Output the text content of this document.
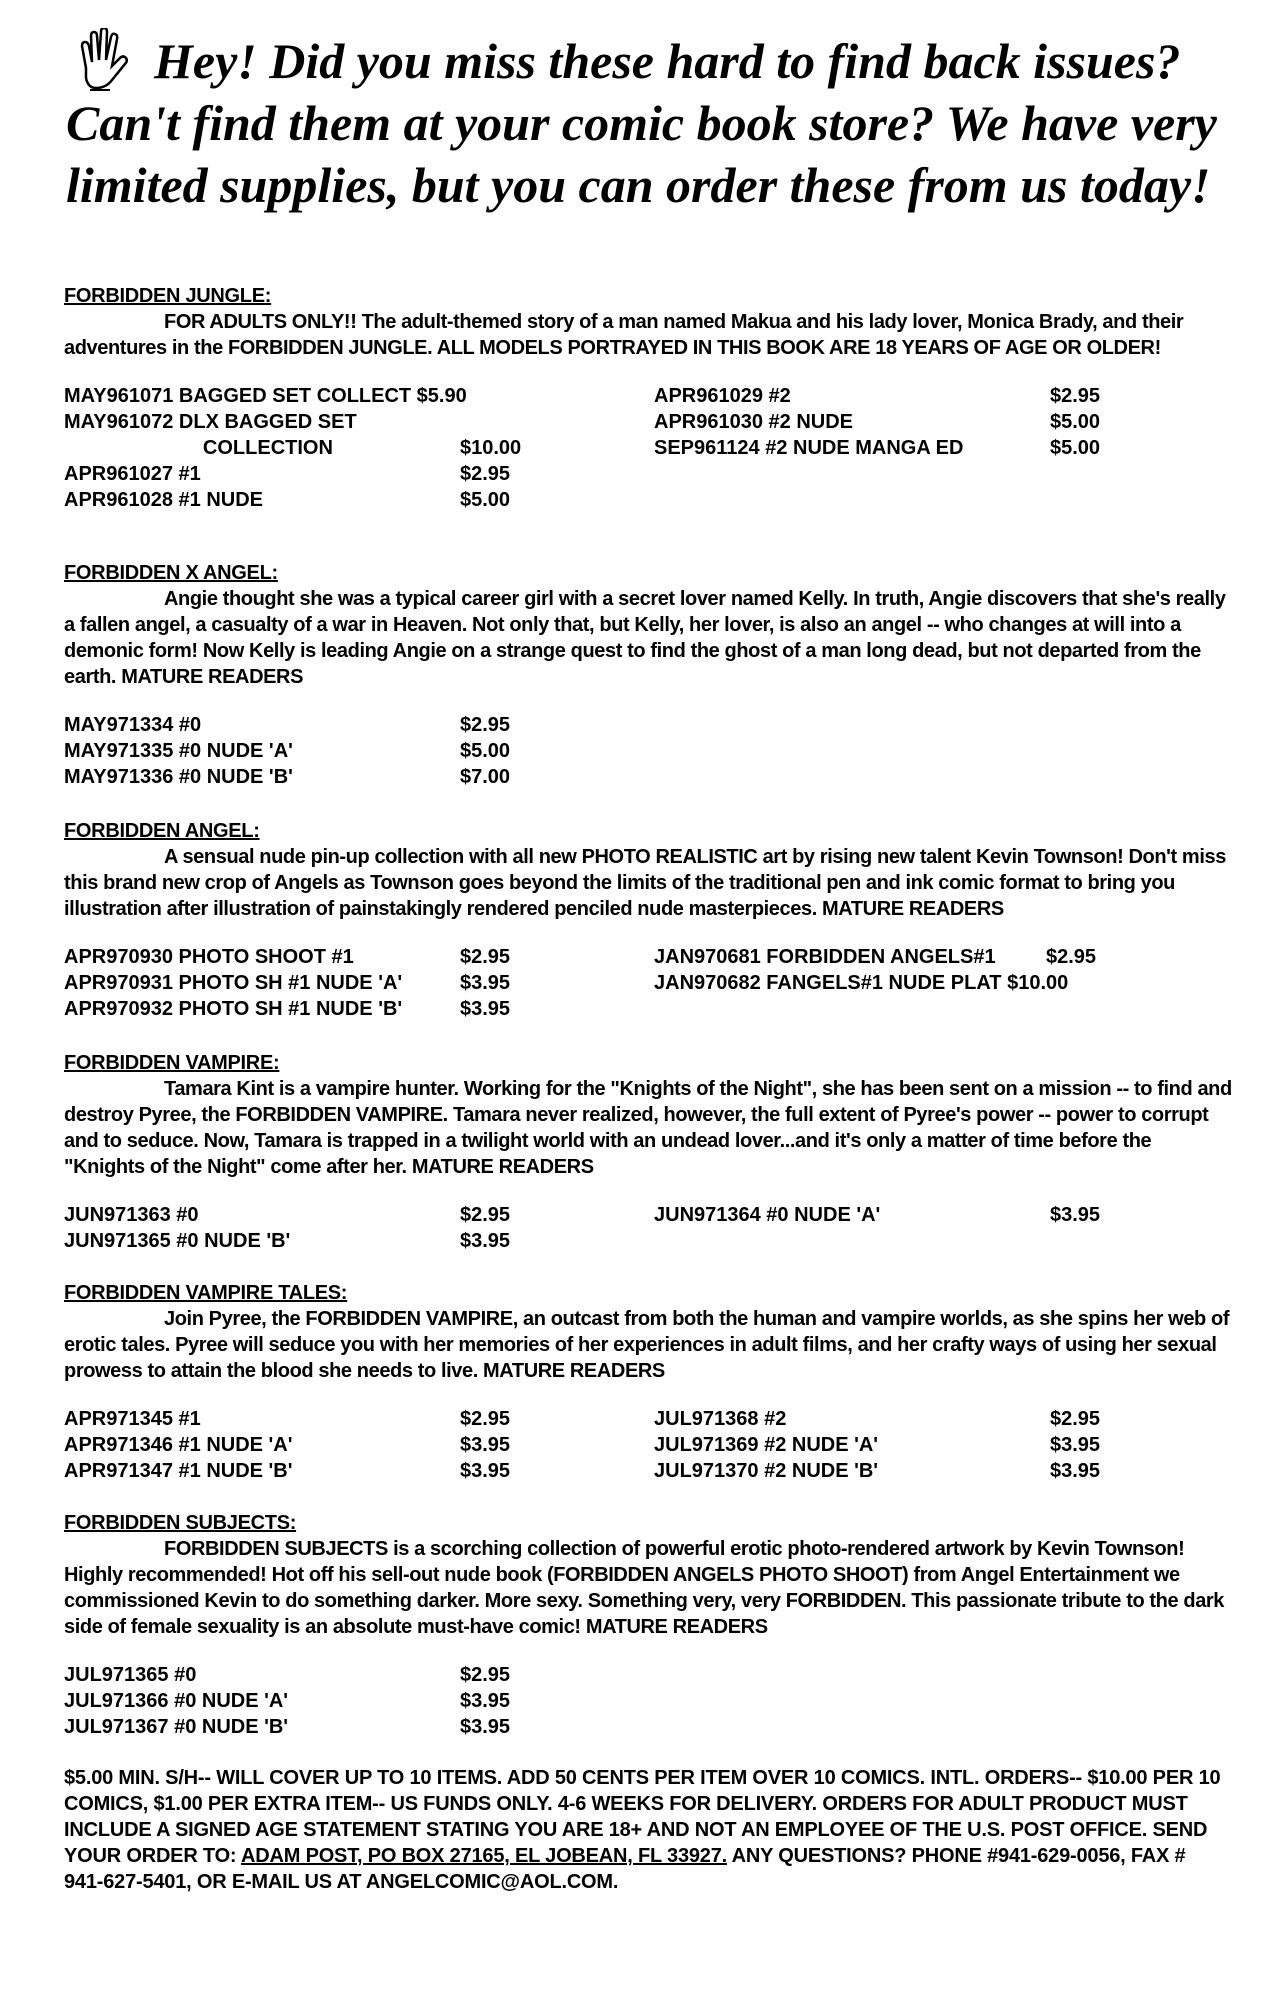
Hey! Did you miss these hard to find back issues?
Can't find them at your comic book store? We have very
limited supplies, but you can order these from us today!
FORBIDDEN JUNGLE:

FOR ADULTS ONLY!! The adult-themed story of a man named Makua and his lady lover, Monica Brady, and their adventures in the FORBIDDEN JUNGLE. ALL MODELS PORTRAYED IN THIS BOOK ARE 18 YEARS OF AGE OR OLDER!

MAY961071 BAGGED SET COLLECT $5.90	APR961029 #2	$2.95
MAY961072 DLX BAGGED SET	APR961030 #2 NUDE	$5.00
COLLECTION	$10.00	SEP961124 #2 NUDE MANGA ED	$5.00
APR961027 #1	$2.95
APR961028 #1 NUDE	$5.00
FORBIDDEN X ANGEL:

Angie thought she was a typical career girl with a secret lover named Kelly. In truth, Angie discovers that she's really a fallen angel, a casualty of a war in Heaven. Not only that, but Kelly, her lover, is also an angel -- who changes at will into a demonic form! Now Kelly is leading Angie on a strange quest to find the ghost of a man long dead, but not departed from the earth. MATURE READERS

MAY971334 #0	$2.95
MAY971335 #0 NUDE 'A'	$5.00
MAY971336 #0 NUDE 'B'	$7.00
FORBIDDEN ANGEL:

A sensual nude pin-up collection with all new PHOTO REALISTIC art by rising new talent Kevin Townson! Don't miss this brand new crop of Angels as Townson goes beyond the limits of the traditional pen and ink comic format to bring you illustration after illustration of painstakingly rendered penciled nude masterpieces. MATURE READERS

APR970930 PHOTO SHOOT #1	$2.95	JAN970681 FORBIDDEN ANGELS#1	$2.95
APR970931 PHOTO SH #1 NUDE 'A'	$3.95	JAN970682 FANGELS#1 NUDE PLAT $10.00
APR970932 PHOTO SH #1 NUDE 'B'	$3.95
FORBIDDEN VAMPIRE:

Tamara Kint is a vampire hunter. Working for the "Knights of the Night", she has been sent on a mission -- to find and destroy Pyree, the FORBIDDEN VAMPIRE. Tamara never realized, however, the full extent of Pyree's power -- power to corrupt and to seduce. Now, Tamara is trapped in a twilight world with an undead lover...and it's only a matter of time before the "Knights of the Night" come after her. MATURE READERS

JUN971363 #0	$2.95	JUN971364 #0 NUDE 'A'	$3.95
JUN971365 #0 NUDE 'B'	$3.95
FORBIDDEN VAMPIRE TALES:

Join Pyree, the FORBIDDEN VAMPIRE, an outcast from both the human and vampire worlds, as she spins her web of erotic tales. Pyree will seduce you with her memories of her experiences in adult films, and her crafty ways of using her sexual prowess to attain the blood she needs to live. MATURE READERS

APR971345 #1	$2.95	JUL971368 #2	$2.95
APR971346 #1 NUDE 'A'	$3.95	JUL971369 #2 NUDE 'A'	$3.95
APR971347 #1 NUDE 'B'	$3.95	JUL971370 #2 NUDE 'B'	$3.95
FORBIDDEN SUBJECTS:

FORBIDDEN SUBJECTS is a scorching collection of powerful erotic photo-rendered artwork by Kevin Townson! Highly recommended! Hot off his sell-out nude book (FORBIDDEN ANGELS PHOTO SHOOT) from Angel Entertainment we commissioned Kevin to do something darker. More sexy. Something very, very FORBIDDEN. This passionate tribute to the dark side of female sexuality is an absolute must-have comic! MATURE READERS

JUL971365 #0	$2.95
JUL971366 #0 NUDE 'A'	$3.95
JUL971367 #0 NUDE 'B'	$3.95

$5.00 MIN. S/H-- WILL COVER UP TO 10 ITEMS. ADD 50 CENTS PER ITEM OVER 10 COMICS. INTL. ORDERS-- $10.00 PER 10 COMICS, $1.00 PER EXTRA ITEM-- US FUNDS ONLY. 4-6 WEEKS FOR DELIVERY. ORDERS FOR ADULT PRODUCT MUST INCLUDE A SIGNED AGE STATEMENT STATING YOU ARE 18+ AND NOT AN EMPLOYEE OF THE U.S. POST OFFICE. SEND YOUR ORDER TO: ADAM POST, PO BOX 27165, EL JOBEAN, FL 33927. ANY QUESTIONS? PHONE #941-629-0056, FAX # 941-627-5401, OR E-MAIL US AT ANGELCOMIC@AOL.COM.
